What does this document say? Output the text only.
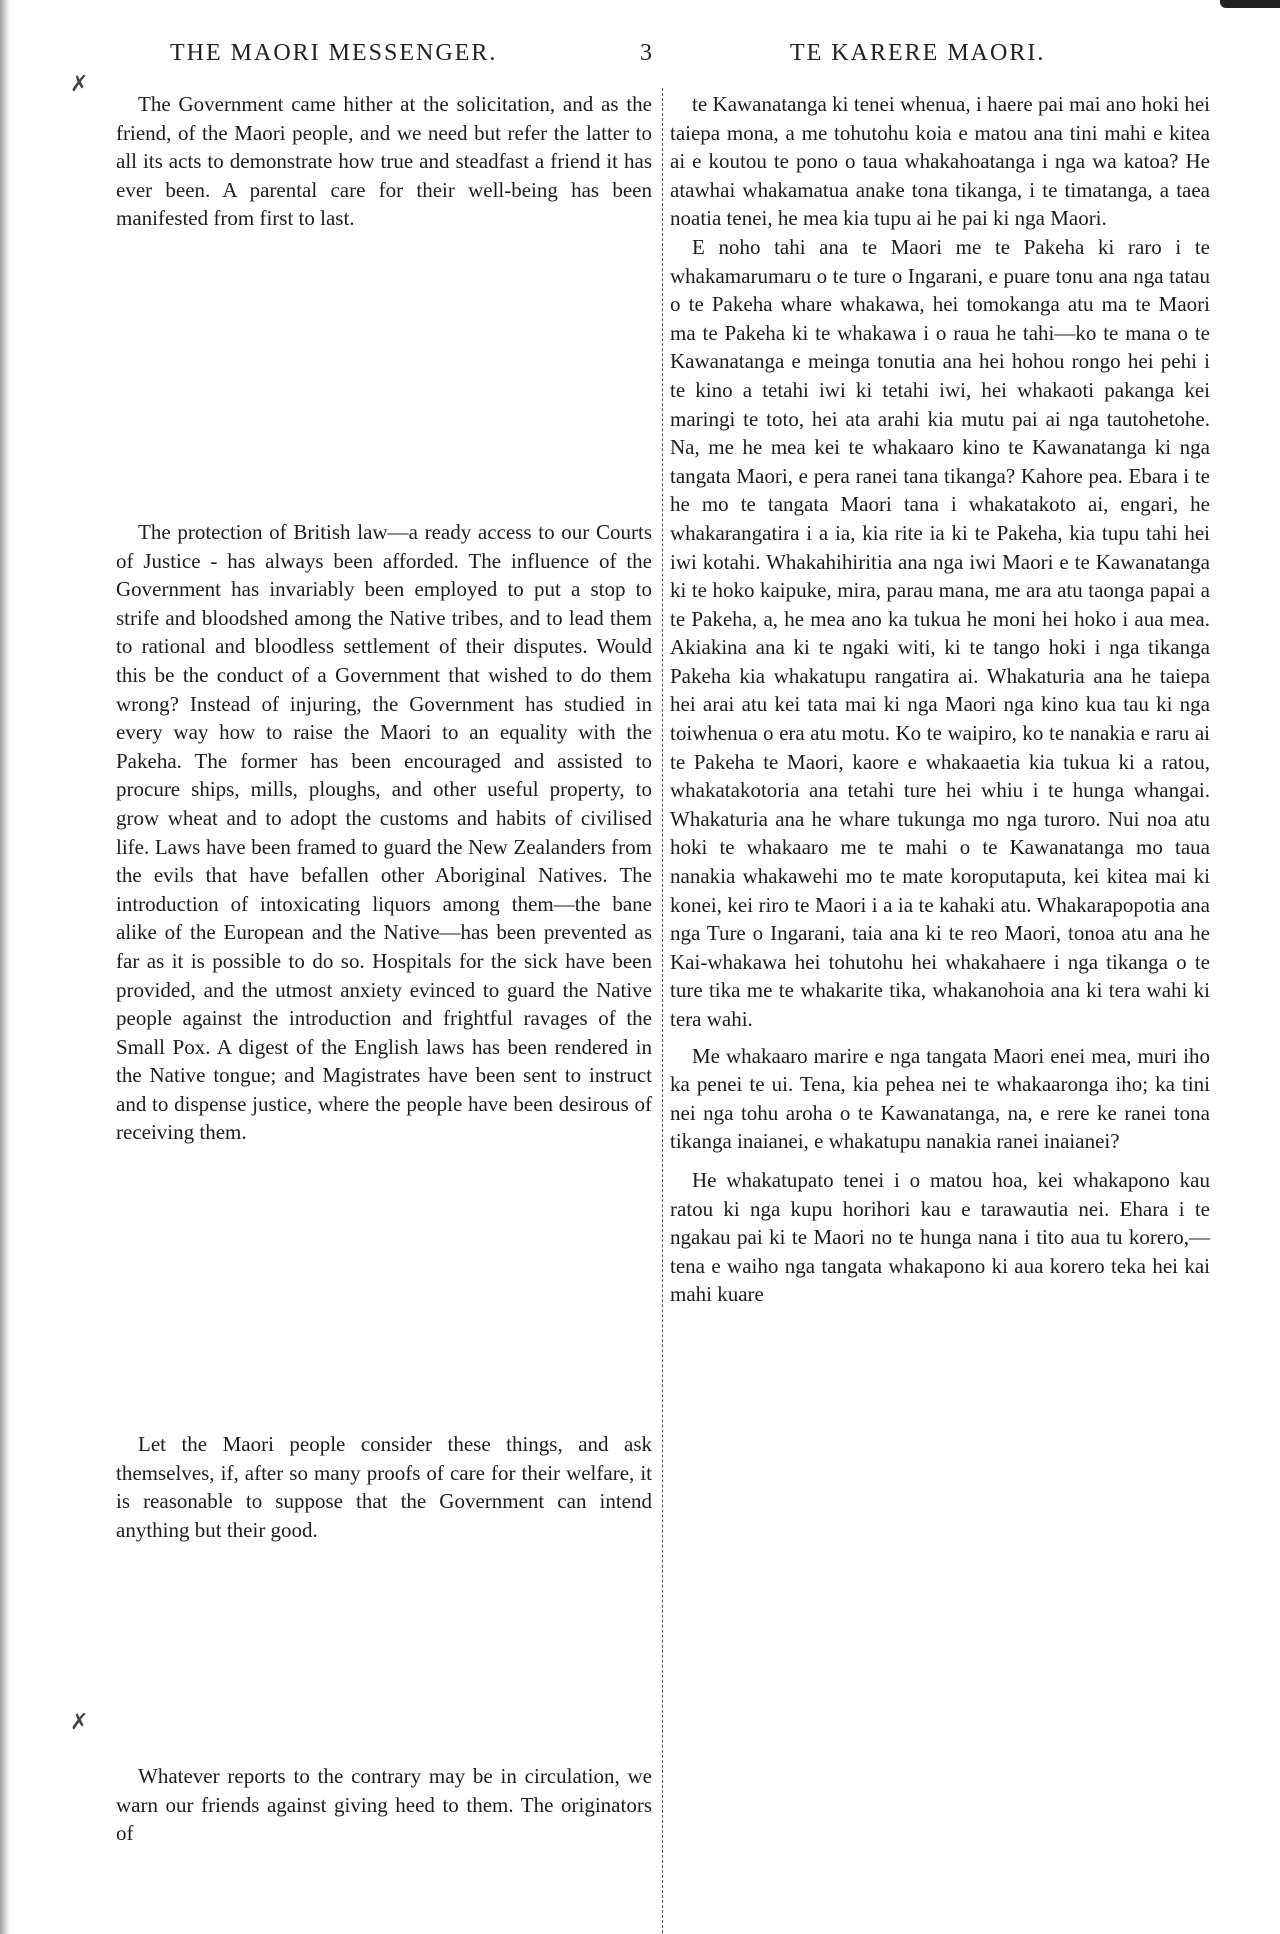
THE MAORI MESSENGER.	3	TE KARERE MAORI.
✗
✗

The Government came hither at the solicitation, and as the friend, of the Maori people, and we need but refer the latter to all its acts to demonstrate how true and steadfast a friend it has ever been. A parental care for their well-being has been manifested from first to last.

The protection of British law—a ready access to our Courts of Justice - has always been afforded. The influence of the Government has invariably been employed to put a stop to strife and bloodshed among the Native tribes, and to lead them to rational and bloodless settlement of their disputes. Would this be the conduct of a Government that wished to do them wrong? Instead of injuring, the Government has studied in every way how to raise the Maori to an equality with the Pakeha. The former has been encouraged and assisted to procure ships, mills, ploughs, and other useful property, to grow wheat and to adopt the customs and habits of civilised life. Laws have been framed to guard the New Zealanders from the evils that have befallen other Aboriginal Natives. The introduction of intoxicating liquors among them—the bane alike of the European and the Native—has been prevented as far as it is possible to do so. Hospitals for the sick have been provided, and the utmost anxiety evinced to guard the Native people against the introduction and frightful ravages of the Small Pox. A digest of the English laws has been rendered in the Native tongue; and Magistrates have been sent to instruct and to dispense justice, where the people have been desirous of receiving them.

Let the Maori people consider these things, and ask themselves, if, after so many proofs of care for their welfare, it is reasonable to suppose that the Government can intend anything but their good.

Whatever reports to the contrary may be in circulation, we warn our friends against giving heed to them. The originators of

te Kawanatanga ki tenei whenua, i haere pai mai ano hoki hei taiepa mona, a me tohutohu koia e matou ana tini mahi e kitea ai e koutou te pono o taua whakahoatanga i nga wa katoa? He atawhai whakamatua anake tona tikanga, i te timatanga, a taea noatia tenei, he mea kia tupu ai he pai ki nga Maori.

E noho tahi ana te Maori me te Pakeha ki raro i te whakamarumaru o te ture o Ingarani, e puare tonu ana nga tatau o te Pakeha whare whakawa, hei tomokanga atu ma te Maori ma te Pakeha ki te whakawa i o raua he tahi—ko te mana o te Kawanatanga e meinga tonutia ana hei hohou rongo hei pehi i te kino a tetahi iwi ki tetahi iwi, hei whakaoti pakanga kei maringi te toto, hei ata arahi kia mutu pai ai nga tautohetohe. Na, me he mea kei te whakaaro kino te Kawanatanga ki nga tangata Maori, e pera ranei tana tikanga? Kahore pea. Ebara i te he mo te tangata Maori tana i whakatakoto ai, engari, he whakarangatira i a ia, kia rite ia ki te Pakeha, kia tupu tahi hei iwi kotahi. Whakahihiritia ana nga iwi Maori e te Kawanatanga ki te hoko kaipuke, mira, parau mana, me ara atu taonga papai a te Pakeha, a, he mea ano ka tukua he moni hei hoko i aua mea. Akiakina ana ki te ngaki witi, ki te tango hoki i nga tikanga Pakeha kia whakatupu rangatira ai. Whakaturia ana he taiepa hei arai atu kei tata mai ki nga Maori nga kino kua tau ki nga toiwhenua o era atu motu. Ko te waipiro, ko te nanakia e raru ai te Pakeha te Maori, kaore e whakaaetia kia tukua ki a ratou, whakatakotoria ana tetahi ture hei whiu i te hunga whangai. Whakaturia ana he whare tukunga mo nga turoro. Nui noa atu hoki te whakaaro me te mahi o te Kawanatanga mo taua nanakia whakawehi mo te mate koroputaputa, kei kitea mai ki konei, kei riro te Maori i a ia te kahaki atu. Whakarapopotia ana nga Ture o Ingarani, taia ana ki te reo Maori, tonoa atu ana he Kai-whakawa hei tohutohu hei whakahaere i nga tikanga o te ture tika me te whakarite tika, whakanohoia ana ki tera wahi ki tera wahi.

Me whakaaro marire e nga tangata Maori enei mea, muri iho ka penei te ui. Tena, kia pehea nei te whakaaronga iho; ka tini nei nga tohu aroha o te Kawanatanga, na, e rere ke ranei tona tikanga inaianei, e whakatupu nanakia ranei inaianei?

He whakatupato tenei i o matou hoa, kei whakapono kau ratou ki nga kupu horihori kau e tarawautia nei. Ehara i te ngakau pai ki te Maori no te hunga nana i tito aua tu korero,—tena e waiho nga tangata whakapono ki aua korero teka hei kai mahi kuare
